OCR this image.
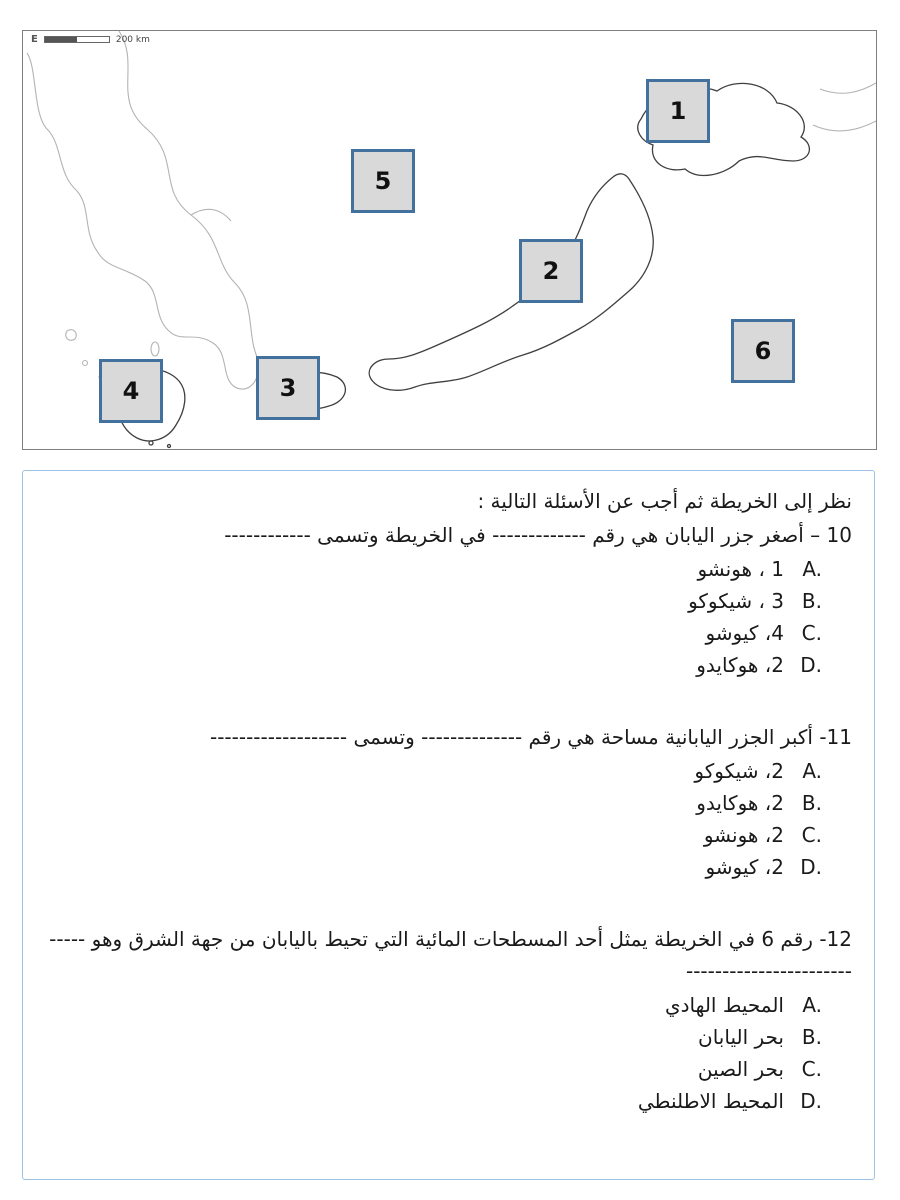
E	200 km
1
5
2
6
3
4
نظر إلى الخريطة ثم أجب عن الأسئلة التالية :
10 – أصغر جزر اليابان هي رقم ------------- في الخريطة وتسمى ------------
A.
1 ، هونشو
B.
3 ، شيكوكو
C.
4، كيوشو
D.
2، هوكايدو
11- أكبر الجزر اليابانية مساحة هي رقم -------------- وتسمى -------------------
A.
2، شيكوكو
B.
2، هوكايدو
C.
2، هونشو
D.
2، كيوشو
12- رقم 6 في الخريطة يمثل أحد المسطحات المائية التي تحيط باليابان من جهة الشرق وهو ----------------------------
A.
المحيط الهادي
B.
بحر اليابان
C.
بحر الصين
D.
المحيط الاطلنطي
